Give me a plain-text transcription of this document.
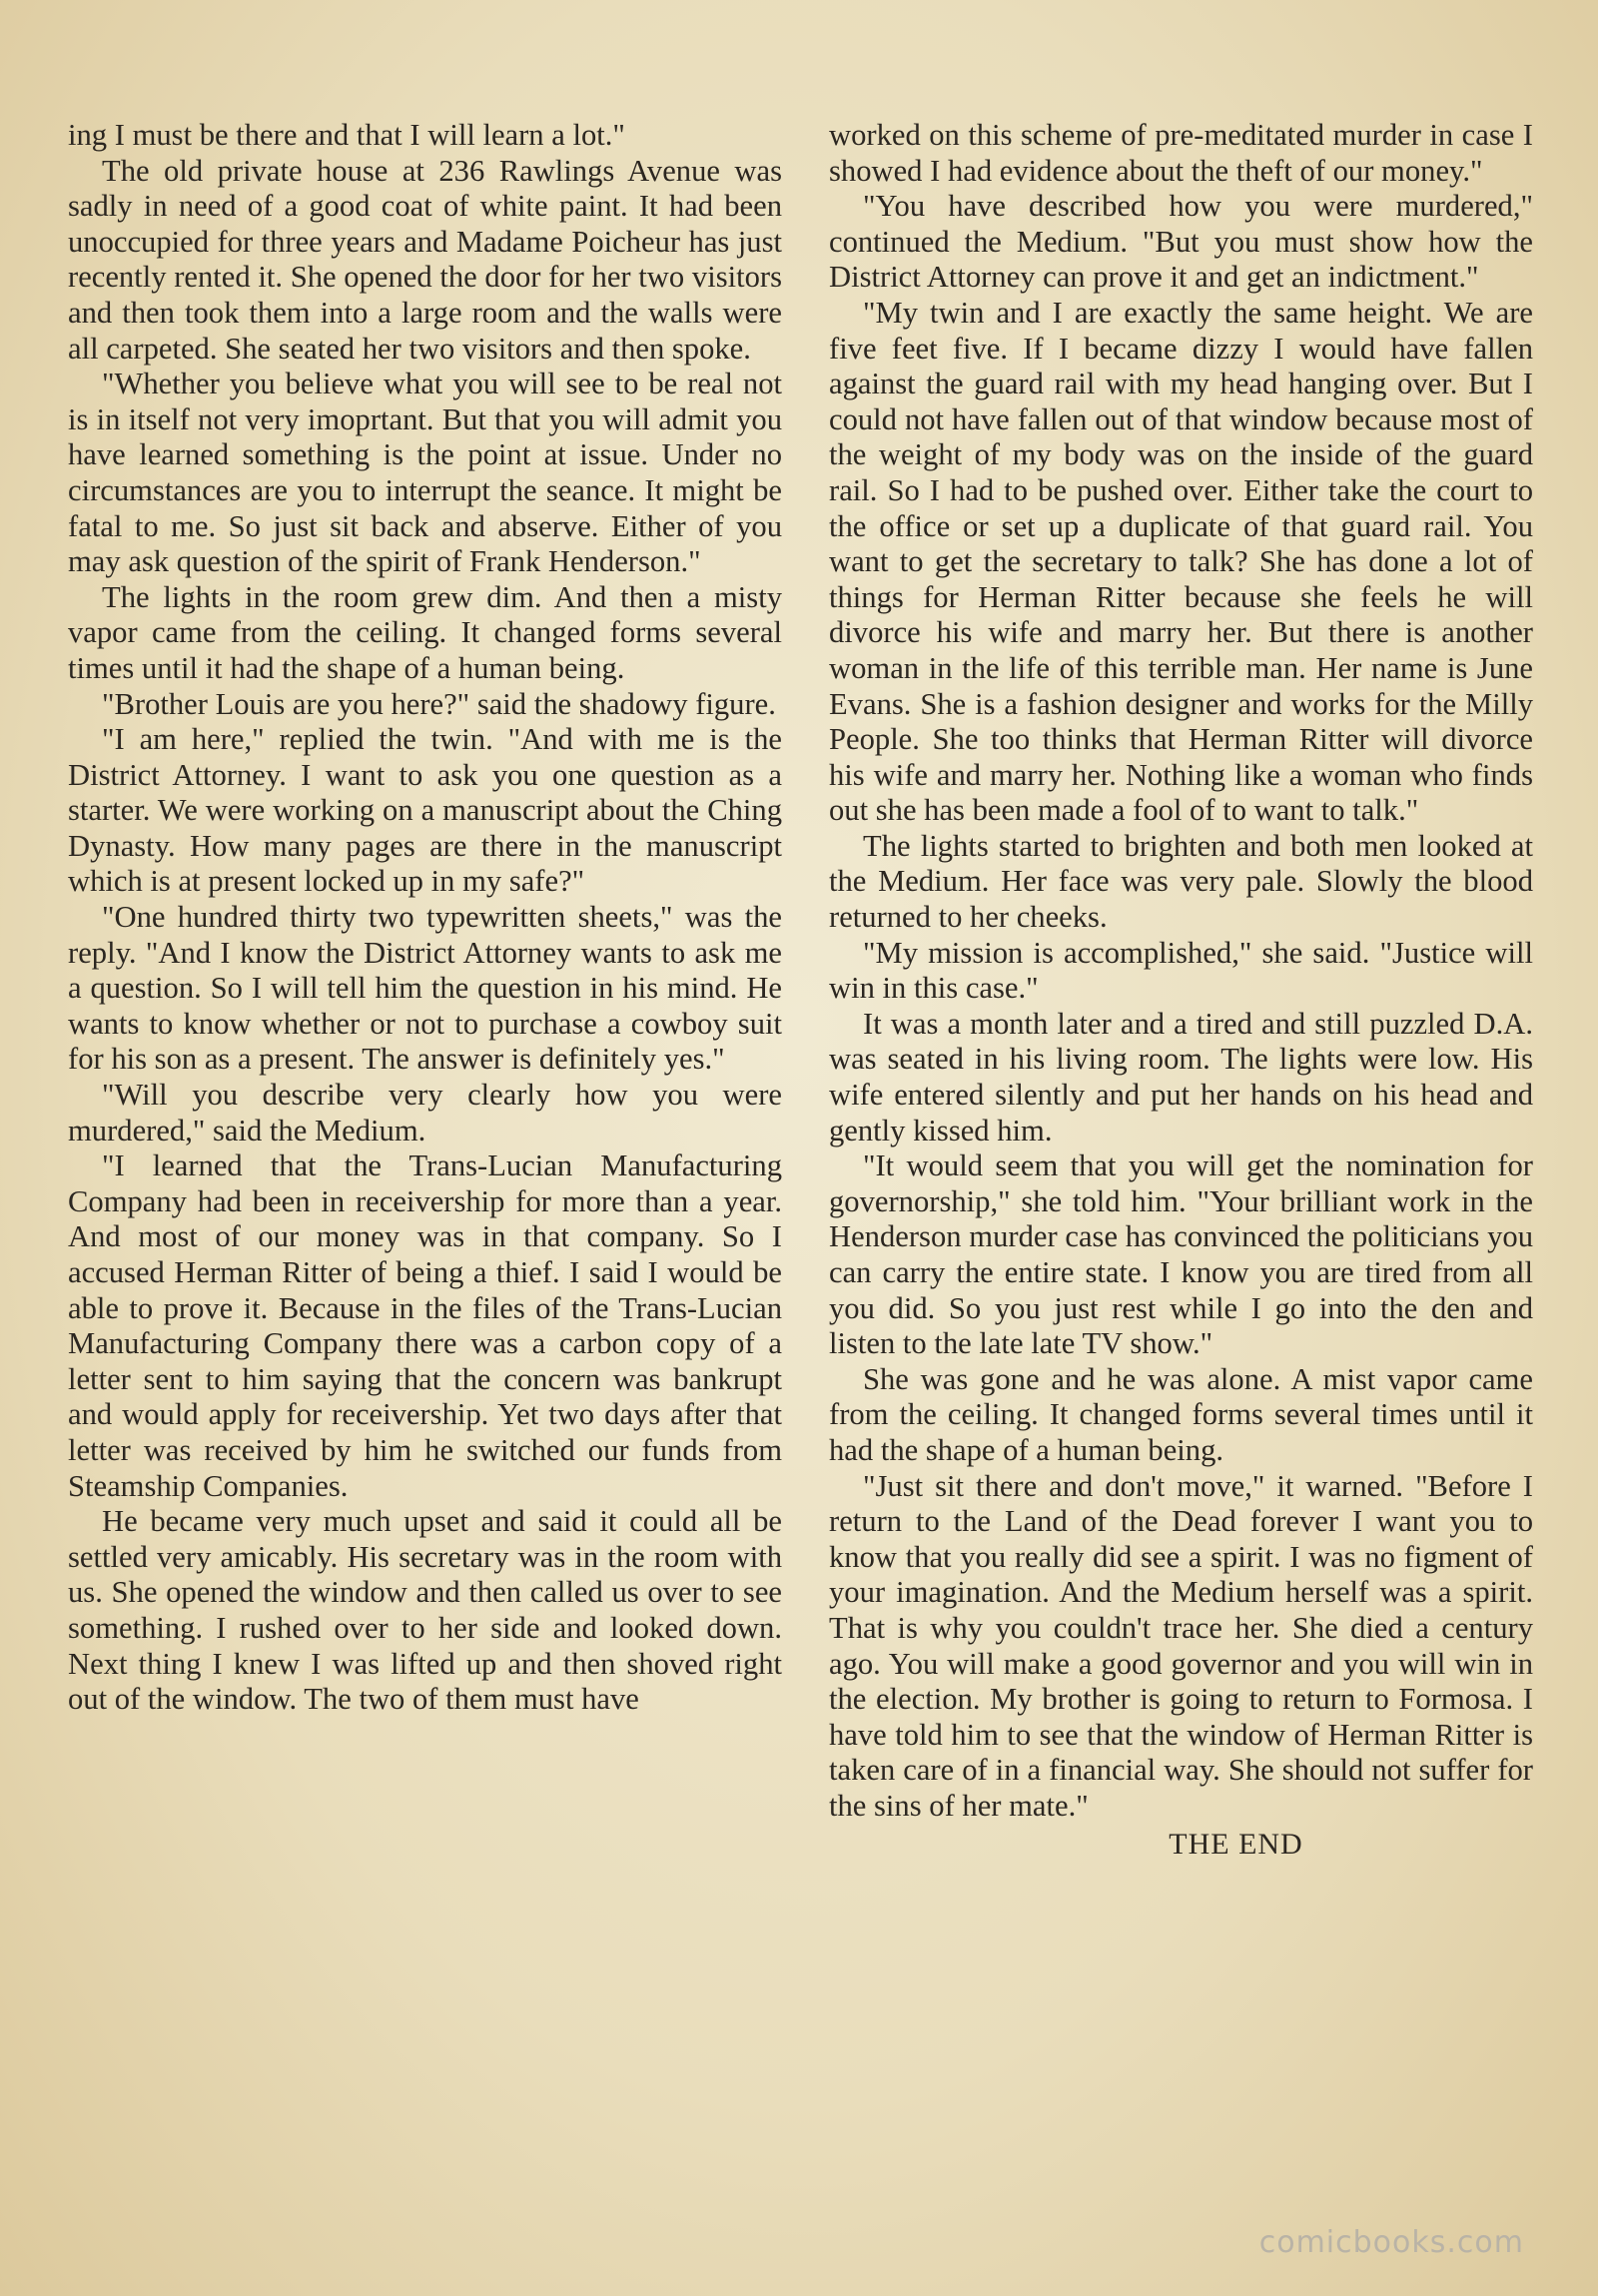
ing I must be there and that I will learn a lot."

The old private house at 236 Rawlings Avenue was sadly in need of a good coat of white paint. It had been unoccupied for three years and Madame Poicheur has just recently rented it. She opened the door for her two visitors and then took them into a large room and the walls were all carpeted. She seated her two visitors and then spoke.

"Whether you believe what you will see to be real not is in itself not very imoprtant. But that you will admit you have learned something is the point at issue. Under no circumstances are you to interrupt the seance. It might be fatal to me. So just sit back and abserve. Either of you may ask question of the spirit of Frank Henderson."

The lights in the room grew dim. And then a misty vapor came from the ceiling. It changed forms several times until it had the shape of a human being.

"Brother Louis are you here?" said the shadowy figure.

"I am here," replied the twin. "And with me is the District Attorney. I want to ask you one question as a starter. We were working on a manuscript about the Ching Dynasty. How many pages are there in the manuscript which is at present locked up in my safe?"

"One hundred thirty two typewritten sheets," was the reply. "And I know the District Attorney wants to ask me a question. So I will tell him the question in his mind. He wants to know whether or not to purchase a cowboy suit for his son as a present. The answer is definitely yes."

"Will you describe very clearly how you were murdered," said the Medium.

"I learned that the Trans-Lucian Manufacturing Company had been in receivership for more than a year. And most of our money was in that company. So I accused Herman Ritter of being a thief. I said I would be able to prove it. Because in the files of the Trans-Lucian Manufacturing Company there was a carbon copy of a letter sent to him saying that the concern was bankrupt and would apply for receivership. Yet two days after that letter was received by him he switched our funds from Steamship Companies.

He became very much upset and said it could all be settled very amicably. His secretary was in the room with us. She opened the window and then called us over to see something. I rushed over to her side and looked down. Next thing I knew I was lifted up and then shoved right out of the window. The two of them must have

worked on this scheme of pre-meditated murder in case I showed I had evidence about the theft of our money."

"You have described how you were murdered," continued the Medium. "But you must show how the District Attorney can prove it and get an indictment."

"My twin and I are exactly the same height. We are five feet five. If I became dizzy I would have fallen against the guard rail with my head hanging over. But I could not have fallen out of that window because most of the weight of my body was on the inside of the guard rail. So I had to be pushed over. Either take the court to the office or set up a duplicate of that guard rail. You want to get the secretary to talk? She has done a lot of things for Herman Ritter because she feels he will divorce his wife and marry her. But there is another woman in the life of this terrible man. Her name is June Evans. She is a fashion designer and works for the Milly People. She too thinks that Herman Ritter will divorce his wife and marry her. Nothing like a woman who finds out she has been made a fool of to want to talk."

The lights started to brighten and both men looked at the Medium. Her face was very pale. Slowly the blood returned to her cheeks.

"My mission is accomplished," she said. "Justice will win in this case."

It was a month later and a tired and still puzzled D.A. was seated in his living room. The lights were low. His wife entered silently and put her hands on his head and gently kissed him.

"It would seem that you will get the nomination for governorship," she told him. "Your brilliant work in the Henderson murder case has convinced the politicians you can carry the entire state. I know you are tired from all you did. So you just rest while I go into the den and listen to the late late TV show."

She was gone and he was alone. A mist vapor came from the ceiling. It changed forms several times until it had the shape of a human being.

"Just sit there and don't move," it warned. "Before I return to the Land of the Dead forever I want you to know that you really did see a spirit. I was no figment of your imagination. And the Medium herself was a spirit. That is why you couldn't trace her. She died a century ago. You will make a good governor and you will win in the election. My brother is going to return to Formosa. I have told him to see that the window of Herman Ritter is taken care of in a financial way. She should not suffer for the sins of her mate."

THE END
comicbooks.com
